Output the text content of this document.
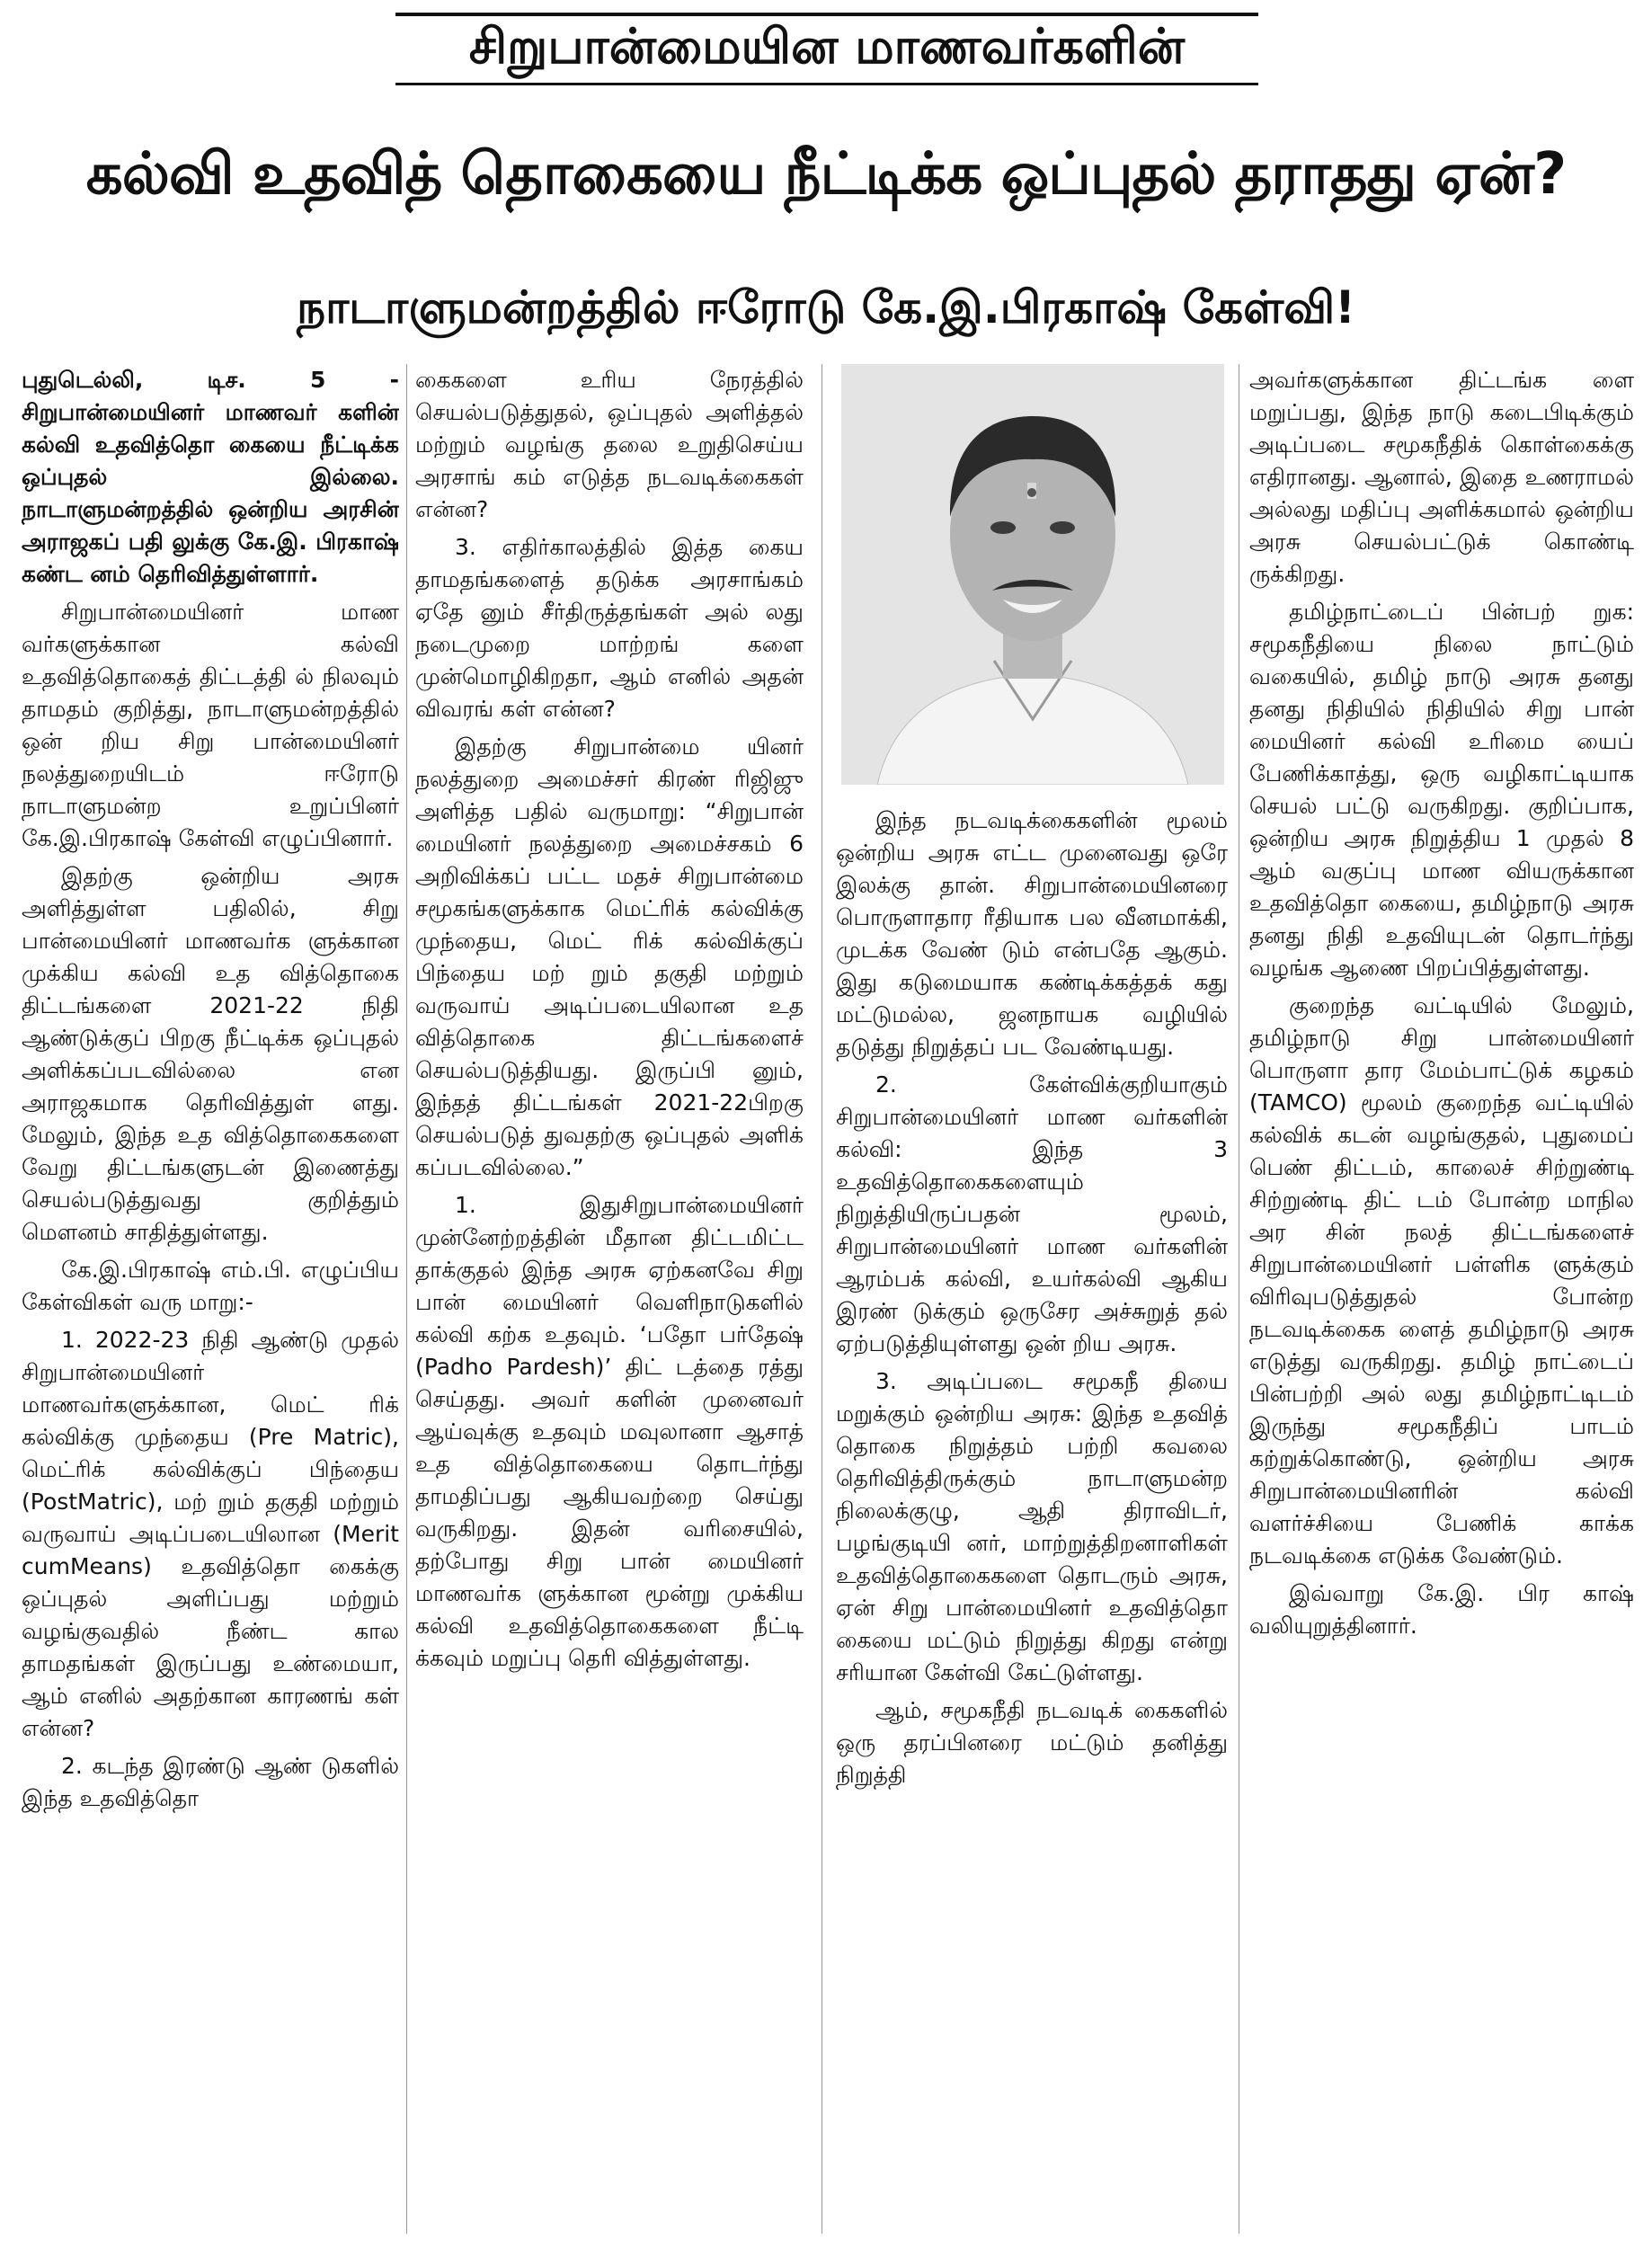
சிறுபான்மையின மாணவர்களின்
கல்வி உதவித் தொகையை நீட்டிக்க ஒப்புதல் தராதது ஏன்?
நாடாளுமன்றத்தில் ஈரோடு கே.இ.பிரகாஷ் கேள்வி!

புதுடெல்லி, டிச. 5 - சிறுபான்மையினர் மாணவர் களின் கல்வி உதவித்தொ கையை நீட்டிக்க ஒப்புதல் இல்லை. நாடாளுமன்றத்தில் ஒன்றிய அரசின் அராஜகப் பதி லுக்கு கே.இ. பிரகாஷ் கண்ட னம் தெரிவித்துள்ளார்.

சிறுபான்மையினர் மாண வர்களுக்கான கல்வி உதவித்தொகைத் திட்டத்தி ல் நிலவும் தாமதம் குறித்து, நாடாளுமன்றத்தில் ஒன் றிய சிறு பான்மையினர் நலத்துறையிடம் ஈரோடு நாடாளுமன்ற உறுப்பினர் கே.இ.பிரகாஷ் கேள்வி எழுப்பினார்.

இதற்கு ஒன்றிய அரசு அளித்துள்ள பதிலில், சிறு பான்மையினர் மாணவர்க ளுக்கான முக்கிய கல்வி உத வித்தொகை திட்டங்களை 2021-22 நிதி ஆண்டுக்குப் பிறகு நீட்டிக்க ஒப்புதல் அளிக்கப்படவில்லை என அராஜகமாக தெரிவித்துள் ளது. மேலும், இந்த உத வித்தொகைகளை வேறு திட்டங்களுடன் இணைத்து செயல்படுத்துவது குறித்தும் மௌனம் சாதித்துள்ளது.

கே.இ.பிரகாஷ் எம்.பி. எழுப்பிய கேள்விகள் வரு மாறு:-

1. 2022-23 நிதி ஆண்டு முதல் சிறுபான்மையினர் மாணவர்களுக்கான, மெட் ரிக் கல்விக்கு முந்தைய (Pre Matric), மெட்ரிக் கல்விக்குப் பிந்தைய (PostMatric), மற் றும் தகுதி மற்றும் வருவாய் அடிப்படையிலான (Merit cumMeans) உதவித்தொ கைக்கு ஒப்புதல் அளிப்பது மற்றும் வழங்குவதில் நீண்ட கால தாமதங்கள் இருப்பது உண்மையா, ஆம் எனில் அதற்கான காரணங் கள் என்ன?

2. கடந்த இரண்டு ஆண் டுகளில் இந்த உதவித்தொ

கைகளை உரிய நேரத்தில் செயல்படுத்துதல், ஒப்புதல் அளித்தல் மற்றும் வழங்கு தலை உறுதிசெய்ய அரசாங் கம் எடுத்த நடவடிக்கைகள் என்ன?

3. எதிர்காலத்தில் இத்த கைய தாமதங்களைத் தடுக்க அரசாங்கம் ஏதே னும் சீர்திருத்தங்கள் அல் லது நடைமுறை மாற்றங் களை முன்மொழிகிறதா, ஆம் எனில் அதன் விவரங் கள் என்ன?

இதற்கு சிறுபான்மை யினர் நலத்துறை அமைச்சர் கிரண் ரிஜிஜு அளித்த பதில் வருமாறு: “சிறுபான் மையினர் நலத்துறை அமைச்சகம் 6 அறிவிக்கப் பட்ட மதச் சிறுபான்மை சமூகங்களுக்காக மெட்ரிக் கல்விக்கு முந்தைய, மெட் ரிக் கல்விக்குப் பிந்தைய மற் றும் தகுதி மற்றும் வருவாய் அடிப்படையிலான உத வித்தொகை திட்டங்களைச் செயல்படுத்தியது. இருப்பி னும், இந்தத் திட்டங்கள் 2021-22பிறகு செயல்படுத் துவதற்கு ஒப்புதல் அளிக் கப்படவில்லை.”

1. இதுசிறுபான்மையினர் முன்னேற்றத்தின் மீதான திட்டமிட்ட தாக்குதல் இந்த அரசு ஏற்கனவே சிறு பான் மையினர் வெளிநாடுகளில் கல்வி கற்க உதவும். ‘பதோ பர்தேஷ் (Padho Pardesh)’ திட் டத்தை ரத்து செய்தது. அவர் களின் முனைவர் ஆய்வுக்கு உதவும் மவுலானா ஆசாத் உத வித்தொகையை தொடர்ந்து தாமதிப்பது ஆகியவற்றை செய்து வருகிறது. இதன் வரிசையில், தற்போது சிறு பான் மையினர் மாணவர்க ளுக்கான மூன்று முக்கிய கல்வி உதவித்தொகைகளை நீட்டி க்கவும் மறுப்பு தெரி வித்துள்ளது.

இந்த நடவடிக்கைகளின் மூலம் ஒன்றிய அரசு எட்ட முனைவது ஒரே இலக்கு தான். சிறுபான்மையினரை பொருளாதார ரீதியாக பல வீனமாக்கி, முடக்க வேண் டும் என்பதே ஆகும். இது கடுமையாக கண்டிக்கத்தக் கது மட்டுமல்ல, ஜனநாயக வழியில் தடுத்து நிறுத்தப் பட வேண்டியது.

2. கேள்விக்குறியாகும் சிறுபான்மையினர் மாண வர்களின் கல்வி: இந்த 3 உதவித்தொகைகளையும் நிறுத்தியிருப்பதன் மூலம், சிறுபான்மையினர் மாண வர்களின் ஆரம்பக் கல்வி, உயர்கல்வி ஆகிய இரண் டுக்கும் ஒருசேர அச்சுறுத் தல் ஏற்படுத்தியுள்ளது ஒன் றிய அரசு.

3. அடிப்படை சமூகநீ தியை மறுக்கும் ஒன்றிய அரசு: இந்த உதவித் தொகை நிறுத்தம் பற்றி கவலை தெரிவித்திருக்கும் நாடாளுமன்ற நிலைக்குழு, ஆதி திராவிடர், பழங்குடியி னர், மாற்றுத்திறனாளிகள் உதவித்தொகைகளை தொடரும் அரசு, ஏன் சிறு பான்மையினர் உதவித்தொ கையை மட்டும் நிறுத்து கிறது என்று சரியான கேள்வி கேட்டுள்ளது.

ஆம், சமூகநீதி நடவடிக் கைகளில் ஒரு தரப்பினரை மட்டும் தனித்து நிறுத்தி

அவர்களுக்கான திட்டங்க ளை மறுப்பது, இந்த நாடு கடைபிடிக்கும் அடிப்படை சமூகநீதிக் கொள்கைக்கு எதிரானது. ஆனால், இதை உணராமல் அல்லது மதிப்பு அளிக்கமால் ஒன்றிய அரசு செயல்பட்டுக் கொண்டி ருக்கிறது.

தமிழ்நாட்டைப் பின்பற் றுக: சமூகநீதியை நிலை நாட்டும் வகையில், தமிழ் நாடு அரசு தனது தனது நிதியில் நிதியில் சிறு பான் மையினர் கல்வி உரிமை யைப் பேணிக்காத்து, ஒரு வழிகாட்டியாக செயல் பட்டு வருகிறது. குறிப்பாக, ஒன்றிய அரசு நிறுத்திய 1 முதல் 8 ஆம் வகுப்பு மாண வியருக்கான உதவித்தொ கையை, தமிழ்நாடு அரசு தனது நிதி உதவியுடன் தொடர்ந்து வழங்க ஆணை பிறப்பித்துள்ளது.

குறைந்த வட்டியில் மேலும், தமிழ்நாடு சிறு பான்மையினர் பொருளா தார மேம்பாட்டுக் கழகம் (TAMCO) மூலம் குறைந்த வட்டியில் கல்விக் கடன் வழங்குதல், புதுமைப் பெண் திட்டம், காலைச் சிற்றுண்டி சிற்றுண்டி திட் டம் போன்ற மாநில அர சின் நலத் திட்டங்களைச் சிறுபான்மையினர் பள்ளிக ளுக்கும் விரிவுபடுத்துதல் போன்ற நடவடிக்கைக ளைத் தமிழ்நாடு அரசு எடுத்து வருகிறது. தமிழ் நாட்டைப் பின்பற்றி அல் லது தமிழ்நாட்டிடம் இருந்து சமூகநீதிப் பாடம் கற்றுக்கொண்டு, ஒன்றிய அரசு சிறுபான்மையினரின் கல்வி வளர்ச்சியை பேணிக் காக்க நடவடிக்கை எடுக்க வேண்டும்.

இவ்வாறு கே.இ. பிர காஷ் வலியுறுத்தினார்.
